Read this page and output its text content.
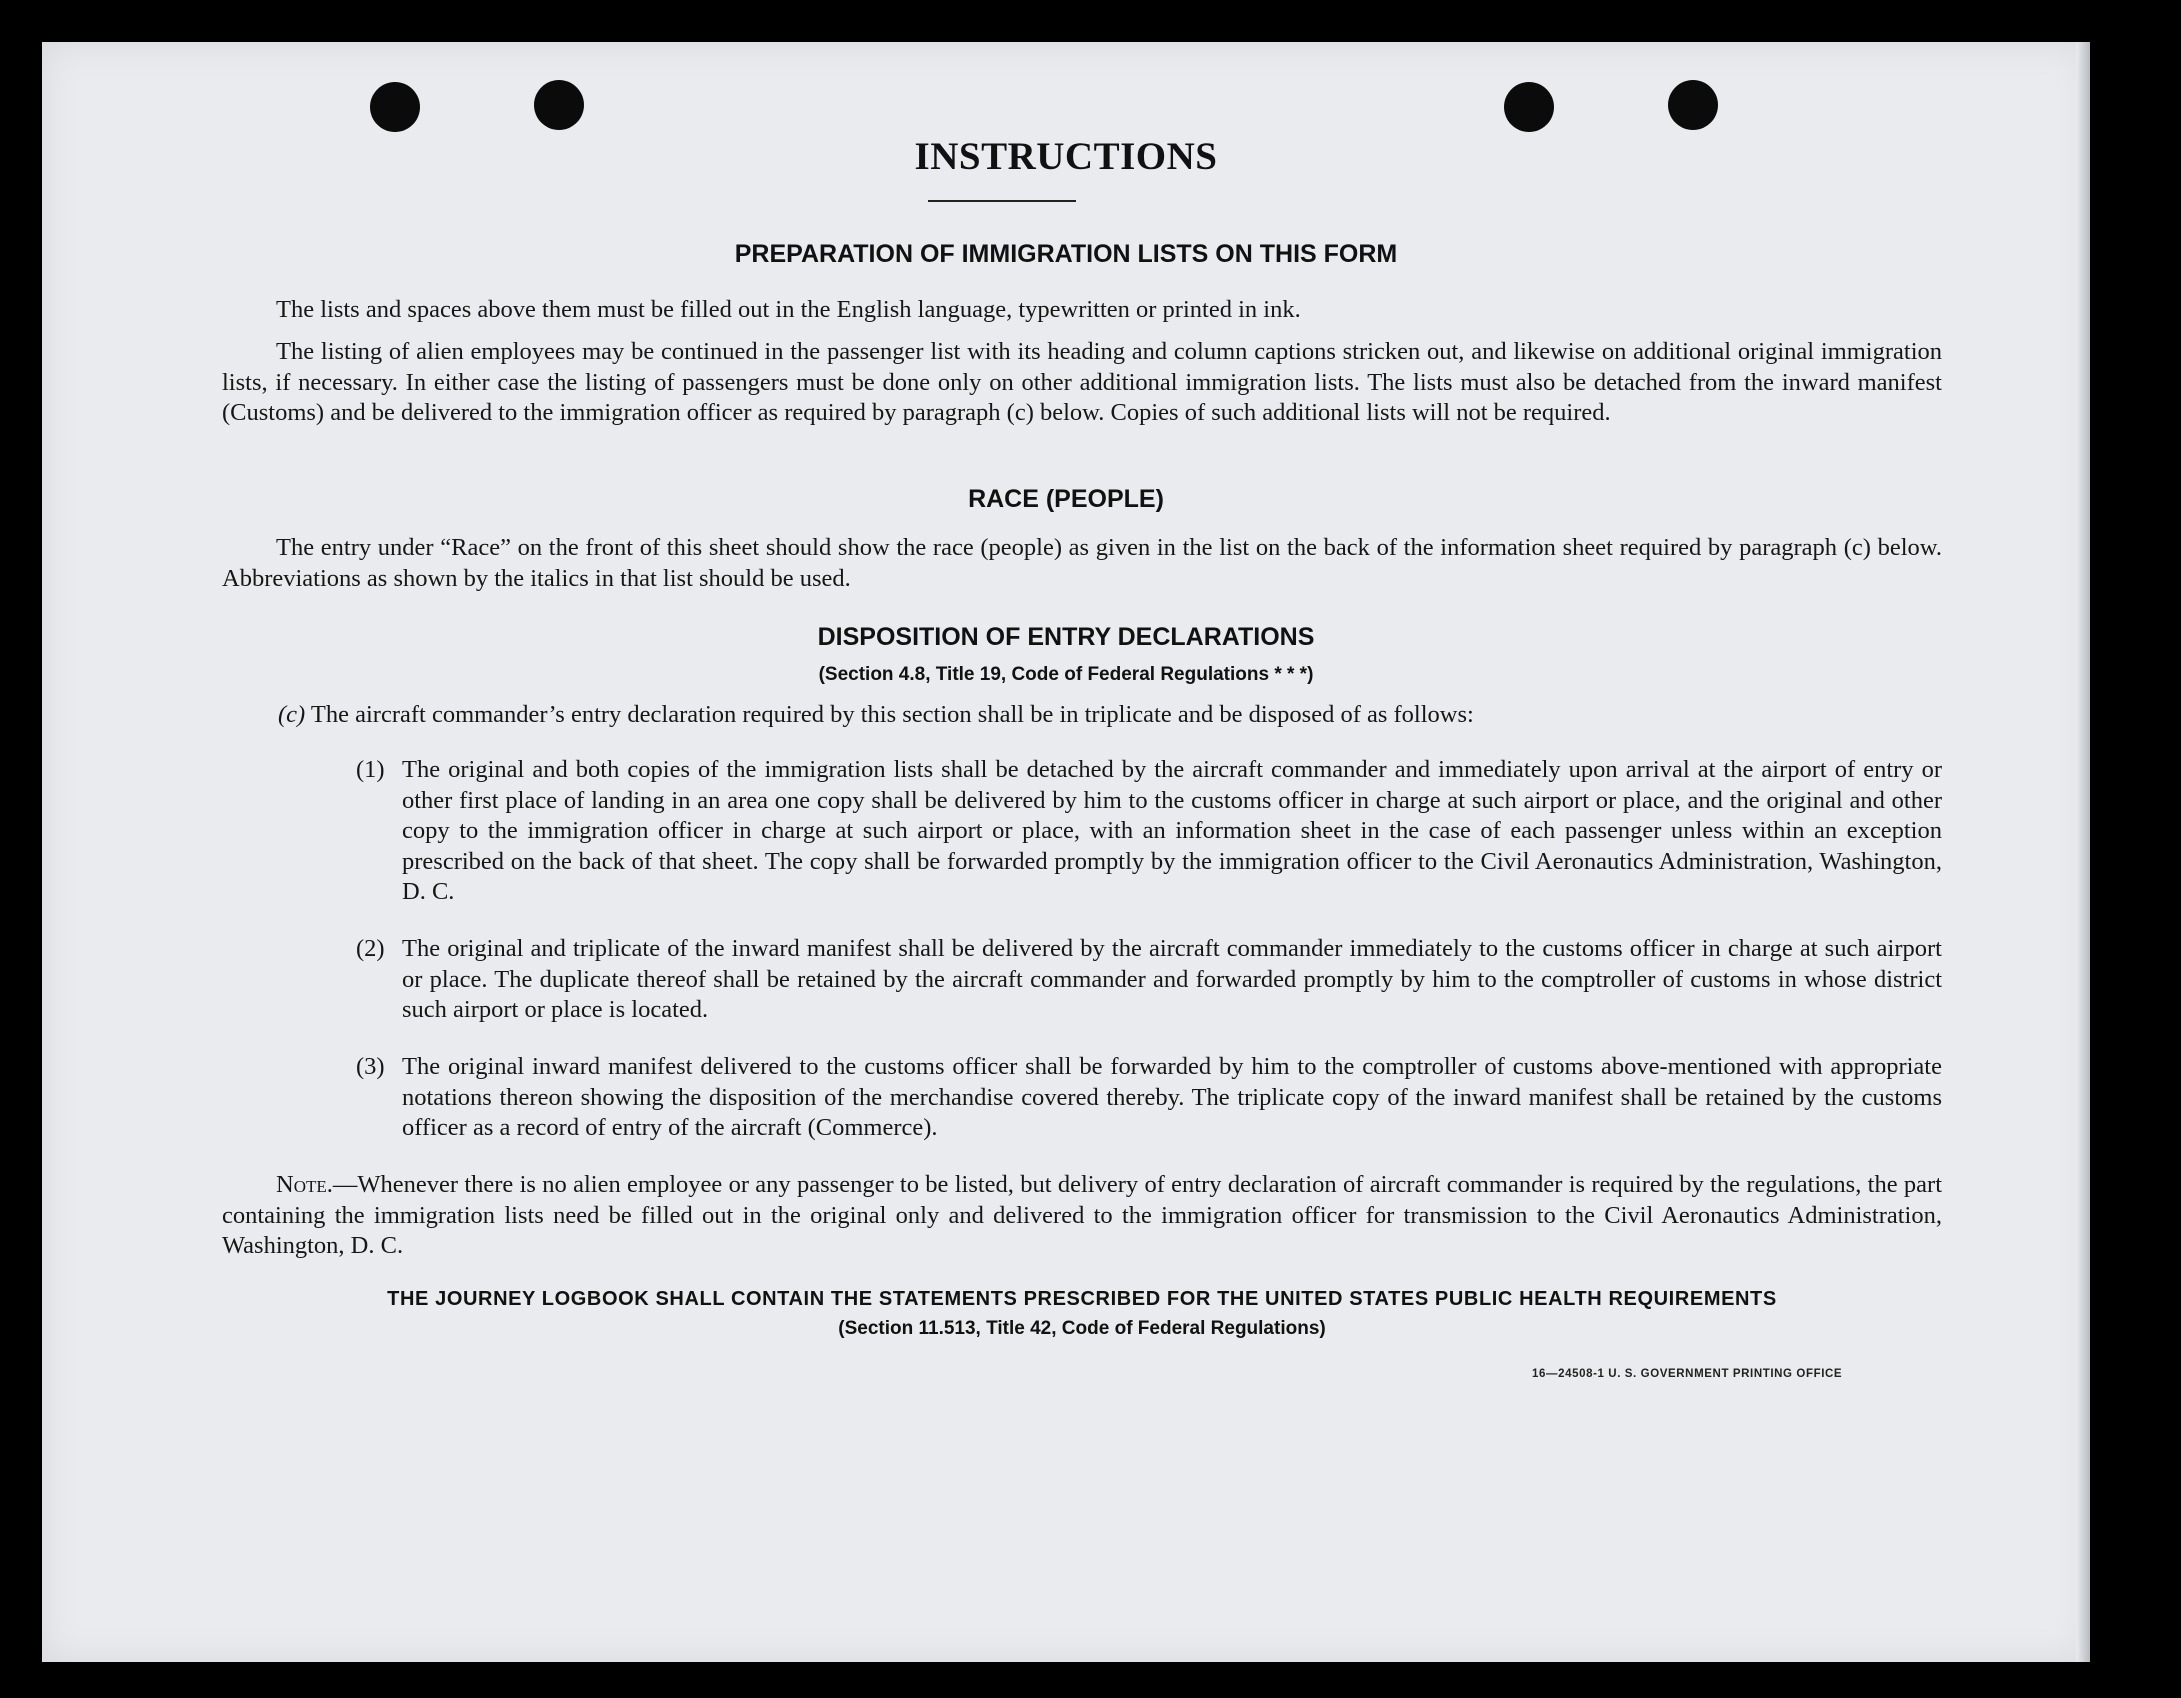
INSTRUCTIONS
PREPARATION OF IMMIGRATION LISTS ON THIS FORM
The lists and spaces above them must be filled out in the English language, typewritten or printed in ink.
The listing of alien employees may be continued in the passenger list with its heading and column captions stricken out, and likewise on additional original immigration lists, if necessary. In either case the listing of passengers must be done only on other additional immigration lists. The lists must also be detached from the inward manifest (Customs) and be delivered to the immigration officer as required by paragraph (c) below. Copies of such additional lists will not be required.
RACE (PEOPLE)
The entry under “Race” on the front of this sheet should show the race (people) as given in the list on the back of the information sheet required by paragraph (c) below. Abbreviations as shown by the italics in that list should be used.
DISPOSITION OF ENTRY DECLARATIONS
(Section 4.8, Title 19, Code of Federal Regulations * * *)
(c) The aircraft commander’s entry declaration required by this section shall be in triplicate and be disposed of as follows:
(1) The original and both copies of the immigration lists shall be detached by the aircraft commander and immediately upon arrival at the airport of entry or other first place of landing in an area one copy shall be delivered by him to the customs officer in charge at such airport or place, and the original and other copy to the immigration officer in charge at such airport or place, with an information sheet in the case of each passenger unless within an exception prescribed on the back of that sheet. The copy shall be forwarded promptly by the immigration officer to the Civil Aeronautics Administration, Washington, D. C.
(2) The original and triplicate of the inward manifest shall be delivered by the aircraft commander immediately to the customs officer in charge at such airport or place. The duplicate thereof shall be retained by the aircraft commander and forwarded promptly by him to the comptroller of customs in whose district such airport or place is located.
(3) The original inward manifest delivered to the customs officer shall be forwarded by him to the comptroller of customs above-mentioned with appropriate notations thereon showing the disposition of the merchandise covered thereby. The triplicate copy of the inward manifest shall be retained by the customs officer as a record of entry of the aircraft (Commerce).
Note.—Whenever there is no alien employee or any passenger to be listed, but delivery of entry declaration of aircraft commander is required by the regulations, the part containing the immigration lists need be filled out in the original only and delivered to the immigration officer for transmission to the Civil Aeronautics Administration, Washington, D. C.
THE JOURNEY LOGBOOK SHALL CONTAIN THE STATEMENTS PRESCRIBED FOR THE UNITED STATES PUBLIC HEALTH REQUIREMENTS
(Section 11.513, Title 42, Code of Federal Regulations)
16—24508-1 U. S. GOVERNMENT PRINTING OFFICE
